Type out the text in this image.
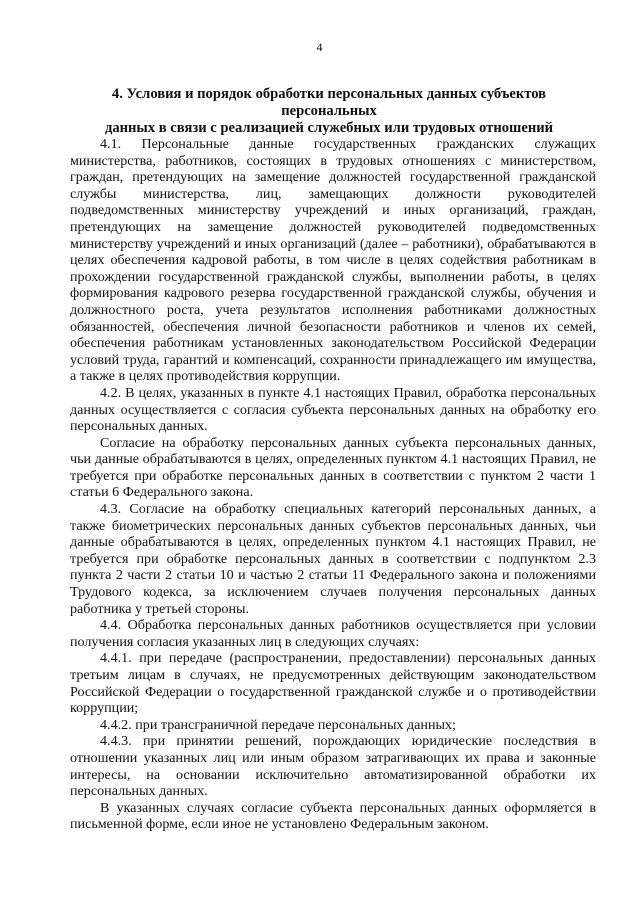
4
4. Условия и порядок обработки персональных данных субъектов персональных
данных в связи с реализацией служебных или трудовых отношений

4.1. Персональные данные государственных гражданских служащих министерства, работников, состоящих в трудовых отношениях с министерством, граждан, претендующих на замещение должностей государственной гражданской службы министерства, лиц, замещающих должности руководителей подведомственных министерству учреждений и иных организаций, граждан, претендующих на замещение должностей руководителей подведомственных министерству учреждений и иных организаций (далее – работники), обрабатываются в целях обеспечения кадровой работы, в том числе в целях содействия работникам в прохождении государственной гражданской службы, выполнении работы, в целях формирования кадрового резерва государственной гражданской службы, обучения и должностного роста, учета результатов исполнения работниками должностных обязанностей, обеспечения личной безопасности работников и членов их семей, обеспечения работникам установленных законодательством Российской Федерации условий труда, гарантий и компенсаций, сохранности принадлежащего им имущества, а также в целях противодействия коррупции.

4.2. В целях, указанных в пункте 4.1 настоящих Правил, обработка персональных данных осуществляется с согласия субъекта персональных данных на обработку его персональных данных.

Согласие на обработку персональных данных субъекта персональных данных, чьи данные обрабатываются в целях, определенных пунктом 4.1 настоящих Правил, не требуется при обработке персональных данных в соответствии с пунктом 2 части 1 статьи 6 Федерального закона.

4.3. Согласие на обработку специальных категорий персональных данных, а также биометрических персональных данных субъектов персональных данных, чьи данные обрабатываются в целях, определенных пунктом 4.1 настоящих Правил, не требуется при обработке персональных данных в соответствии с подпунктом 2.3 пункта 2 части 2 статьи 10 и частью 2 статьи 11 Федерального закона и положениями Трудового кодекса, за исключением случаев получения персональных данных работника у третьей стороны.

4.4. Обработка персональных данных работников осуществляется при условии получения согласия указанных лиц в следующих случаях:

4.4.1. при передаче (распространении, предоставлении) персональных данных третьим лицам в случаях, не предусмотренных действующим законодательством Российской Федерации о государственной гражданской службе и о противодействии коррупции;

4.4.2. при трансграничной передаче персональных данных;

4.4.3. при принятии решений, порождающих юридические последствия в отношении указанных лиц или иным образом затрагивающих их права и законные интересы, на основании исключительно автоматизированной обработки их персональных данных.

В указанных случаях согласие субъекта персональных данных оформляется в письменной форме, если иное не установлено Федеральным законом.
